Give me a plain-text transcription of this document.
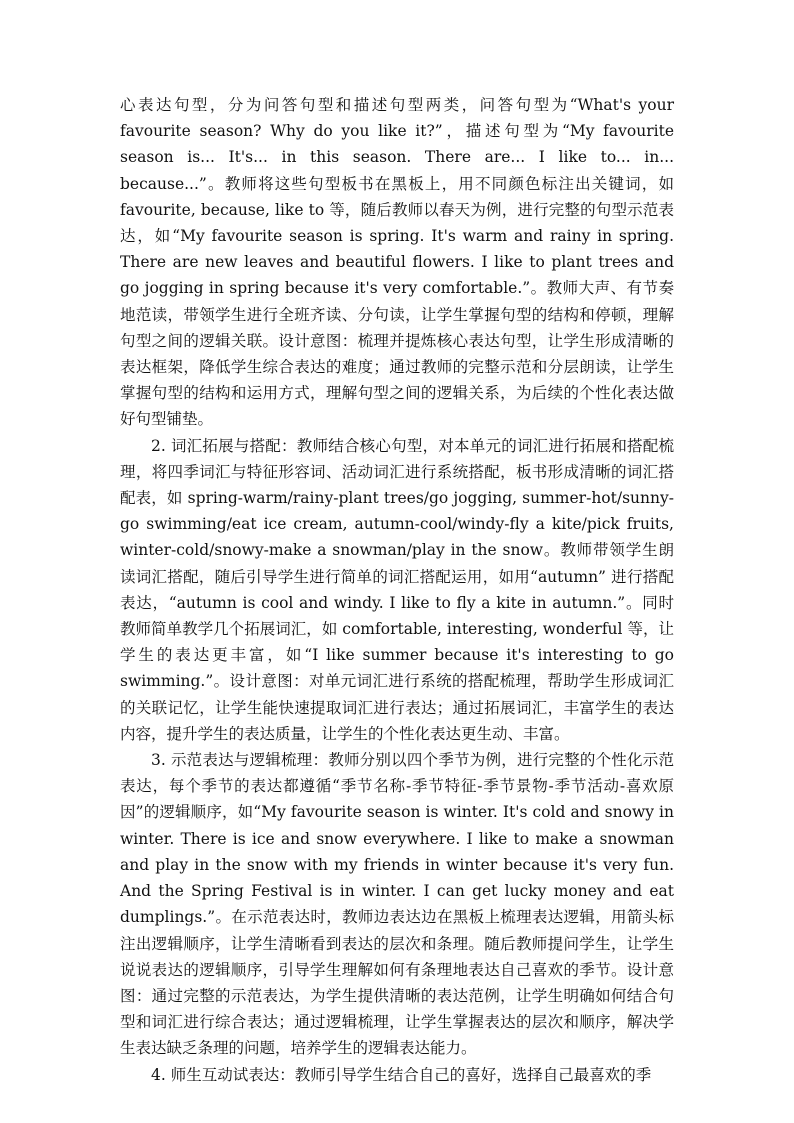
心表达句型，分为问答句型和描述句型两类，问答句型为“What's your favourite season? Why do you like it?”，描述句型为“My favourite season is... It's... in this season. There are... I like to... in... because...”。教师将这些句型板书在黑板上，用不同颜色标注出关键词，如 favourite, because, like to 等，随后教师以春天为例，进行完整的句型示范表达，如“My favourite season is spring. It's warm and rainy in spring. There are new leaves and beautiful flowers. I like to plant trees and go jogging in spring because it's very comfortable.”。教师大声、有节奏地范读，带领学生进行全班齐读、分句读，让学生掌握句型的结构和停顿，理解句型之间的逻辑关联。设计意图：梳理并提炼核心表达句型，让学生形成清晰的表达框架，降低学生综合表达的难度；通过教师的完整示范和分层朗读，让学生掌握句型的结构和运用方式，理解句型之间的逻辑关系，为后续的个性化表达做好句型铺垫。

2. 词汇拓展与搭配：教师结合核心句型，对本单元的词汇进行拓展和搭配梳理，将四季词汇与特征形容词、活动词汇进行系统搭配，板书形成清晰的词汇搭配表，如 spring-warm/rainy-plant trees/go jogging, summer-hot/sunny-go swimming/eat ice cream, autumn-cool/windy-fly a kite/pick fruits, winter-cold/snowy-make a snowman/play in the snow。教师带领学生朗读词汇搭配，随后引导学生进行简单的词汇搭配运用，如用“autumn” 进行搭配表达，“autumn is cool and windy. I like to fly a kite in autumn.”。同时教师简单教学几个拓展词汇，如 comfortable, interesting, wonderful 等，让学生的表达更丰富，如“I like summer because it's interesting to go swimming.”。设计意图：对单元词汇进行系统的搭配梳理，帮助学生形成词汇的关联记忆，让学生能快速提取词汇进行表达；通过拓展词汇，丰富学生的表达内容，提升学生的表达质量，让学生的个性化表达更生动、丰富。

3. 示范表达与逻辑梳理：教师分别以四个季节为例，进行完整的个性化示范表达，每个季节的表达都遵循“季节名称-季节特征-季节景物-季节活动-喜欢原因”的逻辑顺序，如“My favourite season is winter. It's cold and snowy in winter. There is ice and snow everywhere. I like to make a snowman and play in the snow with my friends in winter because it's very fun. And the Spring Festival is in winter. I can get lucky money and eat dumplings.”。在示范表达时，教师边表达边在黑板上梳理表达逻辑，用箭头标注出逻辑顺序，让学生清晰看到表达的层次和条理。随后教师提问学生，让学生说说表达的逻辑顺序，引导学生理解如何有条理地表达自己喜欢的季节。设计意图：通过完整的示范表达，为学生提供清晰的表达范例，让学生明确如何结合句型和词汇进行综合表达；通过逻辑梳理，让学生掌握表达的层次和顺序，解决学生表达缺乏条理的问题，培养学生的逻辑表达能力。

4. 师生互动试表达：教师引导学生结合自己的喜好，选择自己最喜欢的季
